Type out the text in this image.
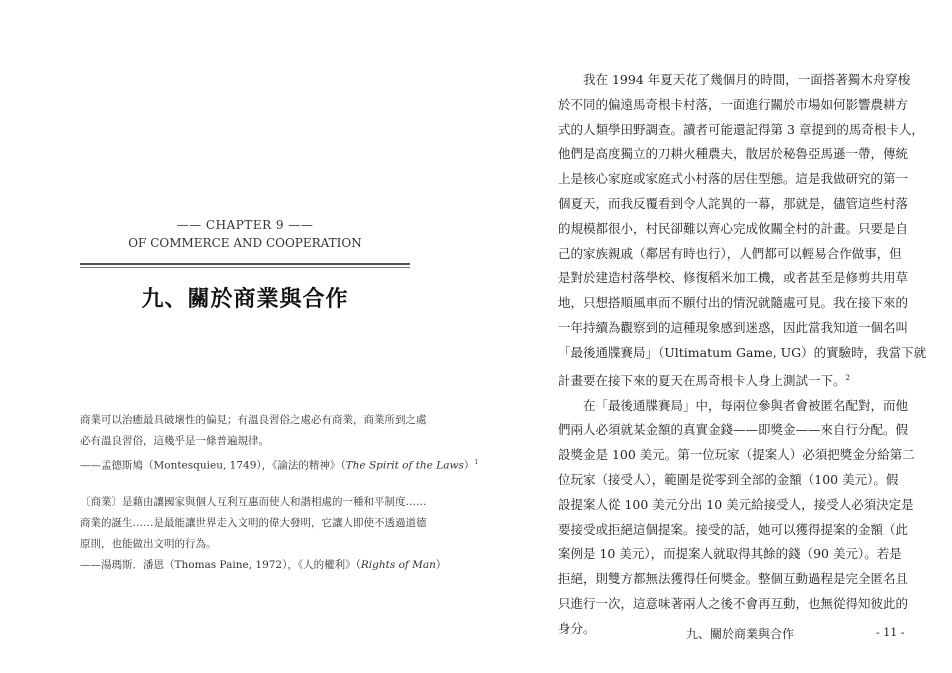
—— CHAPTER 9 ——
OF COMMERCE AND COOPERATION
九、關於商業與合作
商業可以治癒最具破壞性的偏見；有溫良習俗之處必有商業，商業所到之處
必有溫良習俗，這幾乎是一條普遍規律。
——孟德斯鳩（Montesquieu, 1749），《論法的精神》（The Spirit of the Laws）$^1$
〔商業〕是藉由讓國家與個人互利互惠而使人和諧相處的一種和平制度……
商業的誕生……是最能讓世界走入文明的偉大發明，它讓人即使不透過道德
原則，也能做出文明的行為。
——湯瑪斯．潘恩（Thomas Paine, 1972），《人的權利》（Rights of Man）
我在 1994 年夏天花了幾個月的時間，一面搭著獨木舟穿梭
於不同的偏遠馬奇根卡村落，一面進行關於市場如何影響農耕方
式的人類學田野調查。讀者可能還記得第 3 章提到的馬奇根卡人，
他們是高度獨立的刀耕火種農夫，散居於秘魯亞馬遜一帶，傳統
上是核心家庭或家庭式小村落的居住型態。這是我做研究的第一
個夏天，而我反覆看到令人詫異的一幕，那就是，儘管這些村落
的規模都很小，村民卻難以齊心完成攸關全村的計畫。只要是自
己的家族親戚（鄰居有時也行），人們都可以輕易合作做事，但
是對於建造村落學校、修復稻米加工機，或者甚至是修剪共用草
地，只想搭順風車而不願付出的情況就隨處可見。我在接下來的
一年持續為觀察到的這種現象感到迷惑，因此當我知道一個名叫
「最後通牒賽局」（Ultimatum Game, UG）的實驗時，我當下就
計畫要在接下來的夏天在馬奇根卡人身上測試一下。$^2$
在「最後通牒賽局」中，每兩位參與者會被匿名配對，而他
們兩人必須就某金額的真實金錢——即獎金——來自行分配。假
設獎金是 100 美元。第一位玩家（提案人）必須把獎金分給第二
位玩家（接受人），範圍是從零到全部的金額（100 美元）。假
設提案人從 100 美元分出 10 美元給接受人，接受人必須決定是
要接受或拒絕這個提案。接受的話，她可以獲得提案的金額（此
案例是 10 美元），而提案人就取得其餘的錢（90 美元）。若是
拒絕，則雙方都無法獲得任何獎金。整個互動過程是完全匿名且
只進行一次，這意味著兩人之後不會再互動，也無從得知彼此的
身分。	九、關於商業與合作	- 11 -
